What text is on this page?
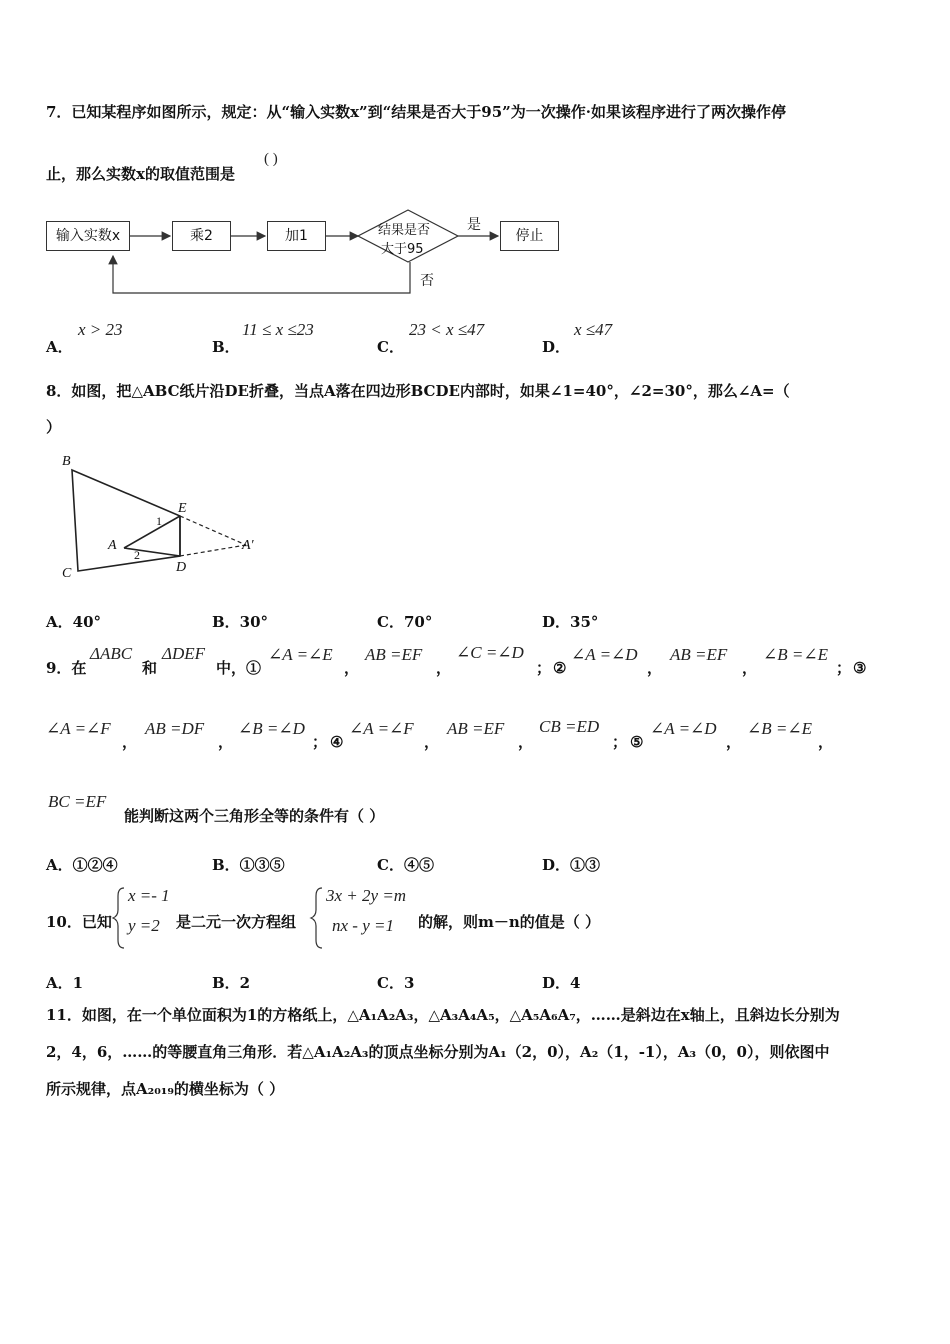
7．已知某程序如图所示，规定：从“输入实数x”到“结果是否大于95”为一次操作·如果该程序进行了两次操作停
止，那么实数x的取值范围是
( )
输入实数x	乘2	加1	结果是否
大于95
是
否
停止
A．
x > 23
B．
11 ≤ x ≤23
C．
23 < x ≤47
D．
x ≤47
8．如图，把△ABC纸片沿DE折叠，当点A落在四边形BCDE内部时，如果∠1=40°，∠2=30°，那么∠A=（
）
B
C
E
D
A	A′
1
2
A．40°	B．30°	C．70°	D．35°
9．在
ΔABC
和
ΔDEF
中，①
∠A =∠E
，
AB =EF
，
∠C =∠D
； ②
∠A =∠D
，
AB =EF
，
∠B =∠E
； ③
∠A =∠F
，
AB =DF
，
∠B =∠D
； ④
∠A =∠F
，
AB =EF
，
CB =ED
； ⑤
∠A =∠D
，
∠B =∠E
，
BC =EF
能判断这两个三角形全等的条件有（ ）
A．①②④	B．①③⑤	C．④⑤	D．①③
10．已知
x =- 1
y =2 是二元一次方程组
3x + 2y =m
nx - y =1 的解，则m－n的值是（ ）
A．1	B．2	C．3	D．4
11．如图，在一个单位面积为1的方格纸上，△A₁A₂A₃，△A₃A₄A₅，△A₅A₆A₇，……是斜边在x轴上，且斜边长分别为
2，4，6，……的等腰直角三角形．若△A₁A₂A₃的顶点坐标分别为A₁（2，0），A₂（1，-1），A₃（0，0），则依图中
所示规律，点A₂₀₁₉的横坐标为（ ）
